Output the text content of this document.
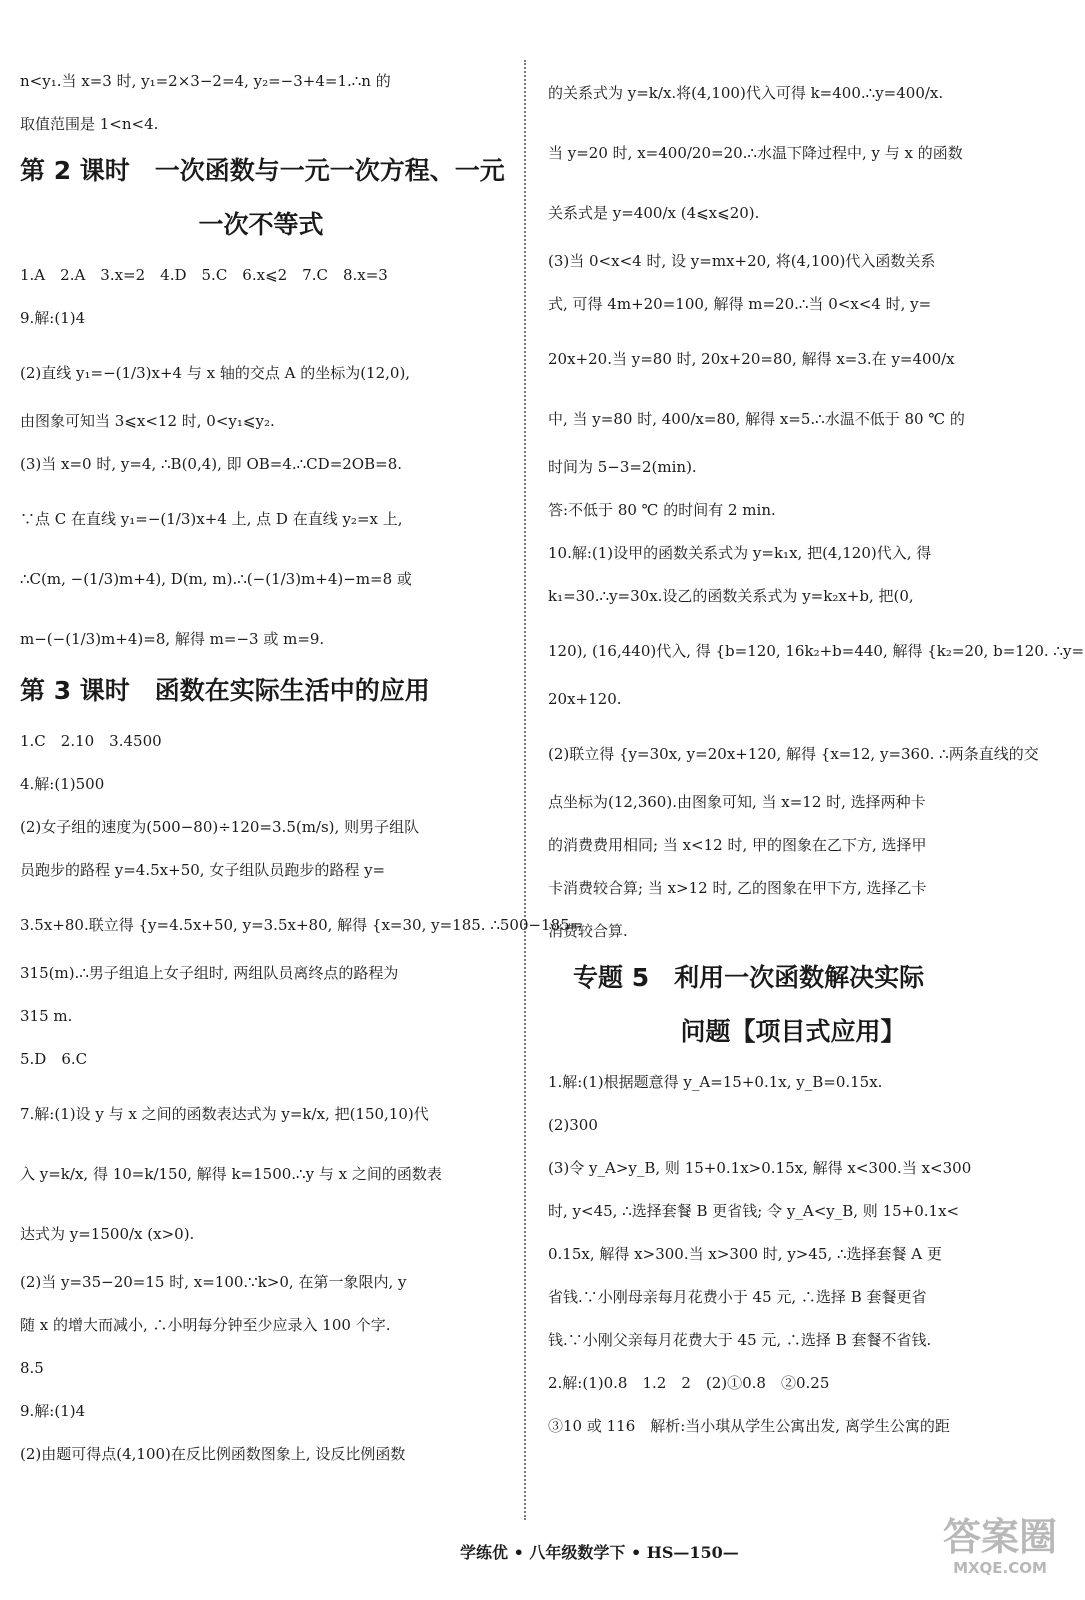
n<y₁.当 x=3 时, y₁=2×3−2=4, y₂=−3+4=1.∴n 的
取值范围是 1<n<4.
第 2 课时　一次函数与一元一次方程、一元
一次不等式
1.A　2.A　3.x=2　4.D　5.C　6.x⩽2　7.C　8.x=3
9.解:(1)4
(2)直线 y₁=−(1/3)x+4 与 x 轴的交点 A 的坐标为(12,0),
由图象可知当 3⩽x<12 时, 0<y₁⩽y₂.
(3)当 x=0 时, y=4, ∴B(0,4), 即 OB=4.∴CD=2OB=8.
∵点 C 在直线 y₁=−(1/3)x+4 上, 点 D 在直线 y₂=x 上,
∴C(m, −(1/3)m+4), D(m, m).∴(−(1/3)m+4)−m=8 或
m−(−(1/3)m+4)=8, 解得 m=−3 或 m=9.
第 3 课时　函数在实际生活中的应用
1.C　2.10　3.4500
4.解:(1)500
(2)女子组的速度为(500−80)÷120=3.5(m/s), 则男子组队
员跑步的路程 y=4.5x+50, 女子组队员跑步的路程 y=
3.5x+80.联立得 {y=4.5x+50, y=3.5x+80, 解得 {x=30, y=185. ∴500−185=
315(m).∴男子组追上女子组时, 两组队员离终点的路程为
315 m.
5.D　6.C
7.解:(1)设 y 与 x 之间的函数表达式为 y=k/x, 把(150,10)代
入 y=k/x, 得 10=k/150, 解得 k=1500.∴y 与 x 之间的函数表
达式为 y=1500/x (x>0).
(2)当 y=35−20=15 时, x=100.∵k>0, 在第一象限内, y
随 x 的增大而减小, ∴小明每分钟至少应录入 100 个字.
8.5
9.解:(1)4
(2)由题可得点(4,100)在反比例函数图象上, 设反比例函数
的关系式为 y=k/x.将(4,100)代入可得 k=400.∴y=400/x.
当 y=20 时, x=400/20=20.∴水温下降过程中, y 与 x 的函数
关系式是 y=400/x (4⩽x⩽20).
(3)当 0<x<4 时, 设 y=mx+20, 将(4,100)代入函数关系
式, 可得 4m+20=100, 解得 m=20.∴当 0<x<4 时, y=
20x+20.当 y=80 时, 20x+20=80, 解得 x=3.在 y=400/x
中, 当 y=80 时, 400/x=80, 解得 x=5.∴水温不低于 80 ℃ 的
时间为 5−3=2(min).
答:不低于 80 ℃ 的时间有 2 min.
10.解:(1)设甲的函数关系式为 y=k₁x, 把(4,120)代入, 得
k₁=30.∴y=30x.设乙的函数关系式为 y=k₂x+b, 把(0,
120), (16,440)代入, 得 {b=120, 16k₂+b=440, 解得 {k₂=20, b=120. ∴y=
20x+120.
(2)联立得 {y=30x, y=20x+120, 解得 {x=12, y=360. ∴两条直线的交
点坐标为(12,360).由图象可知, 当 x=12 时, 选择两种卡
的消费费用相同; 当 x<12 时, 甲的图象在乙下方, 选择甲
卡消费较合算; 当 x>12 时, 乙的图象在甲下方, 选择乙卡
消费较合算.
　专题 5　利用一次函数解决实际
问题【项目式应用】
1.解:(1)根据题意得 y_A=15+0.1x, y_B=0.15x.
(2)300
(3)令 y_A>y_B, 则 15+0.1x>0.15x, 解得 x<300.当 x<300
时, y<45, ∴选择套餐 B 更省钱; 令 y_A<y_B, 则 15+0.1x<
0.15x, 解得 x>300.当 x>300 时, y>45, ∴选择套餐 A 更
省钱.∵小刚母亲每月花费小于 45 元, ∴选择 B 套餐更省
钱.∵小刚父亲每月花费大于 45 元, ∴选择 B 套餐不省钱.
2.解:(1)0.8　1.2　2　(2)①0.8　②0.25
③10 或 116　解析:当小琪从学生公寓出发, 离学生公寓的距
学练优 • 八年级数学下 • HS—150—	答案圈
MXQE.COM
